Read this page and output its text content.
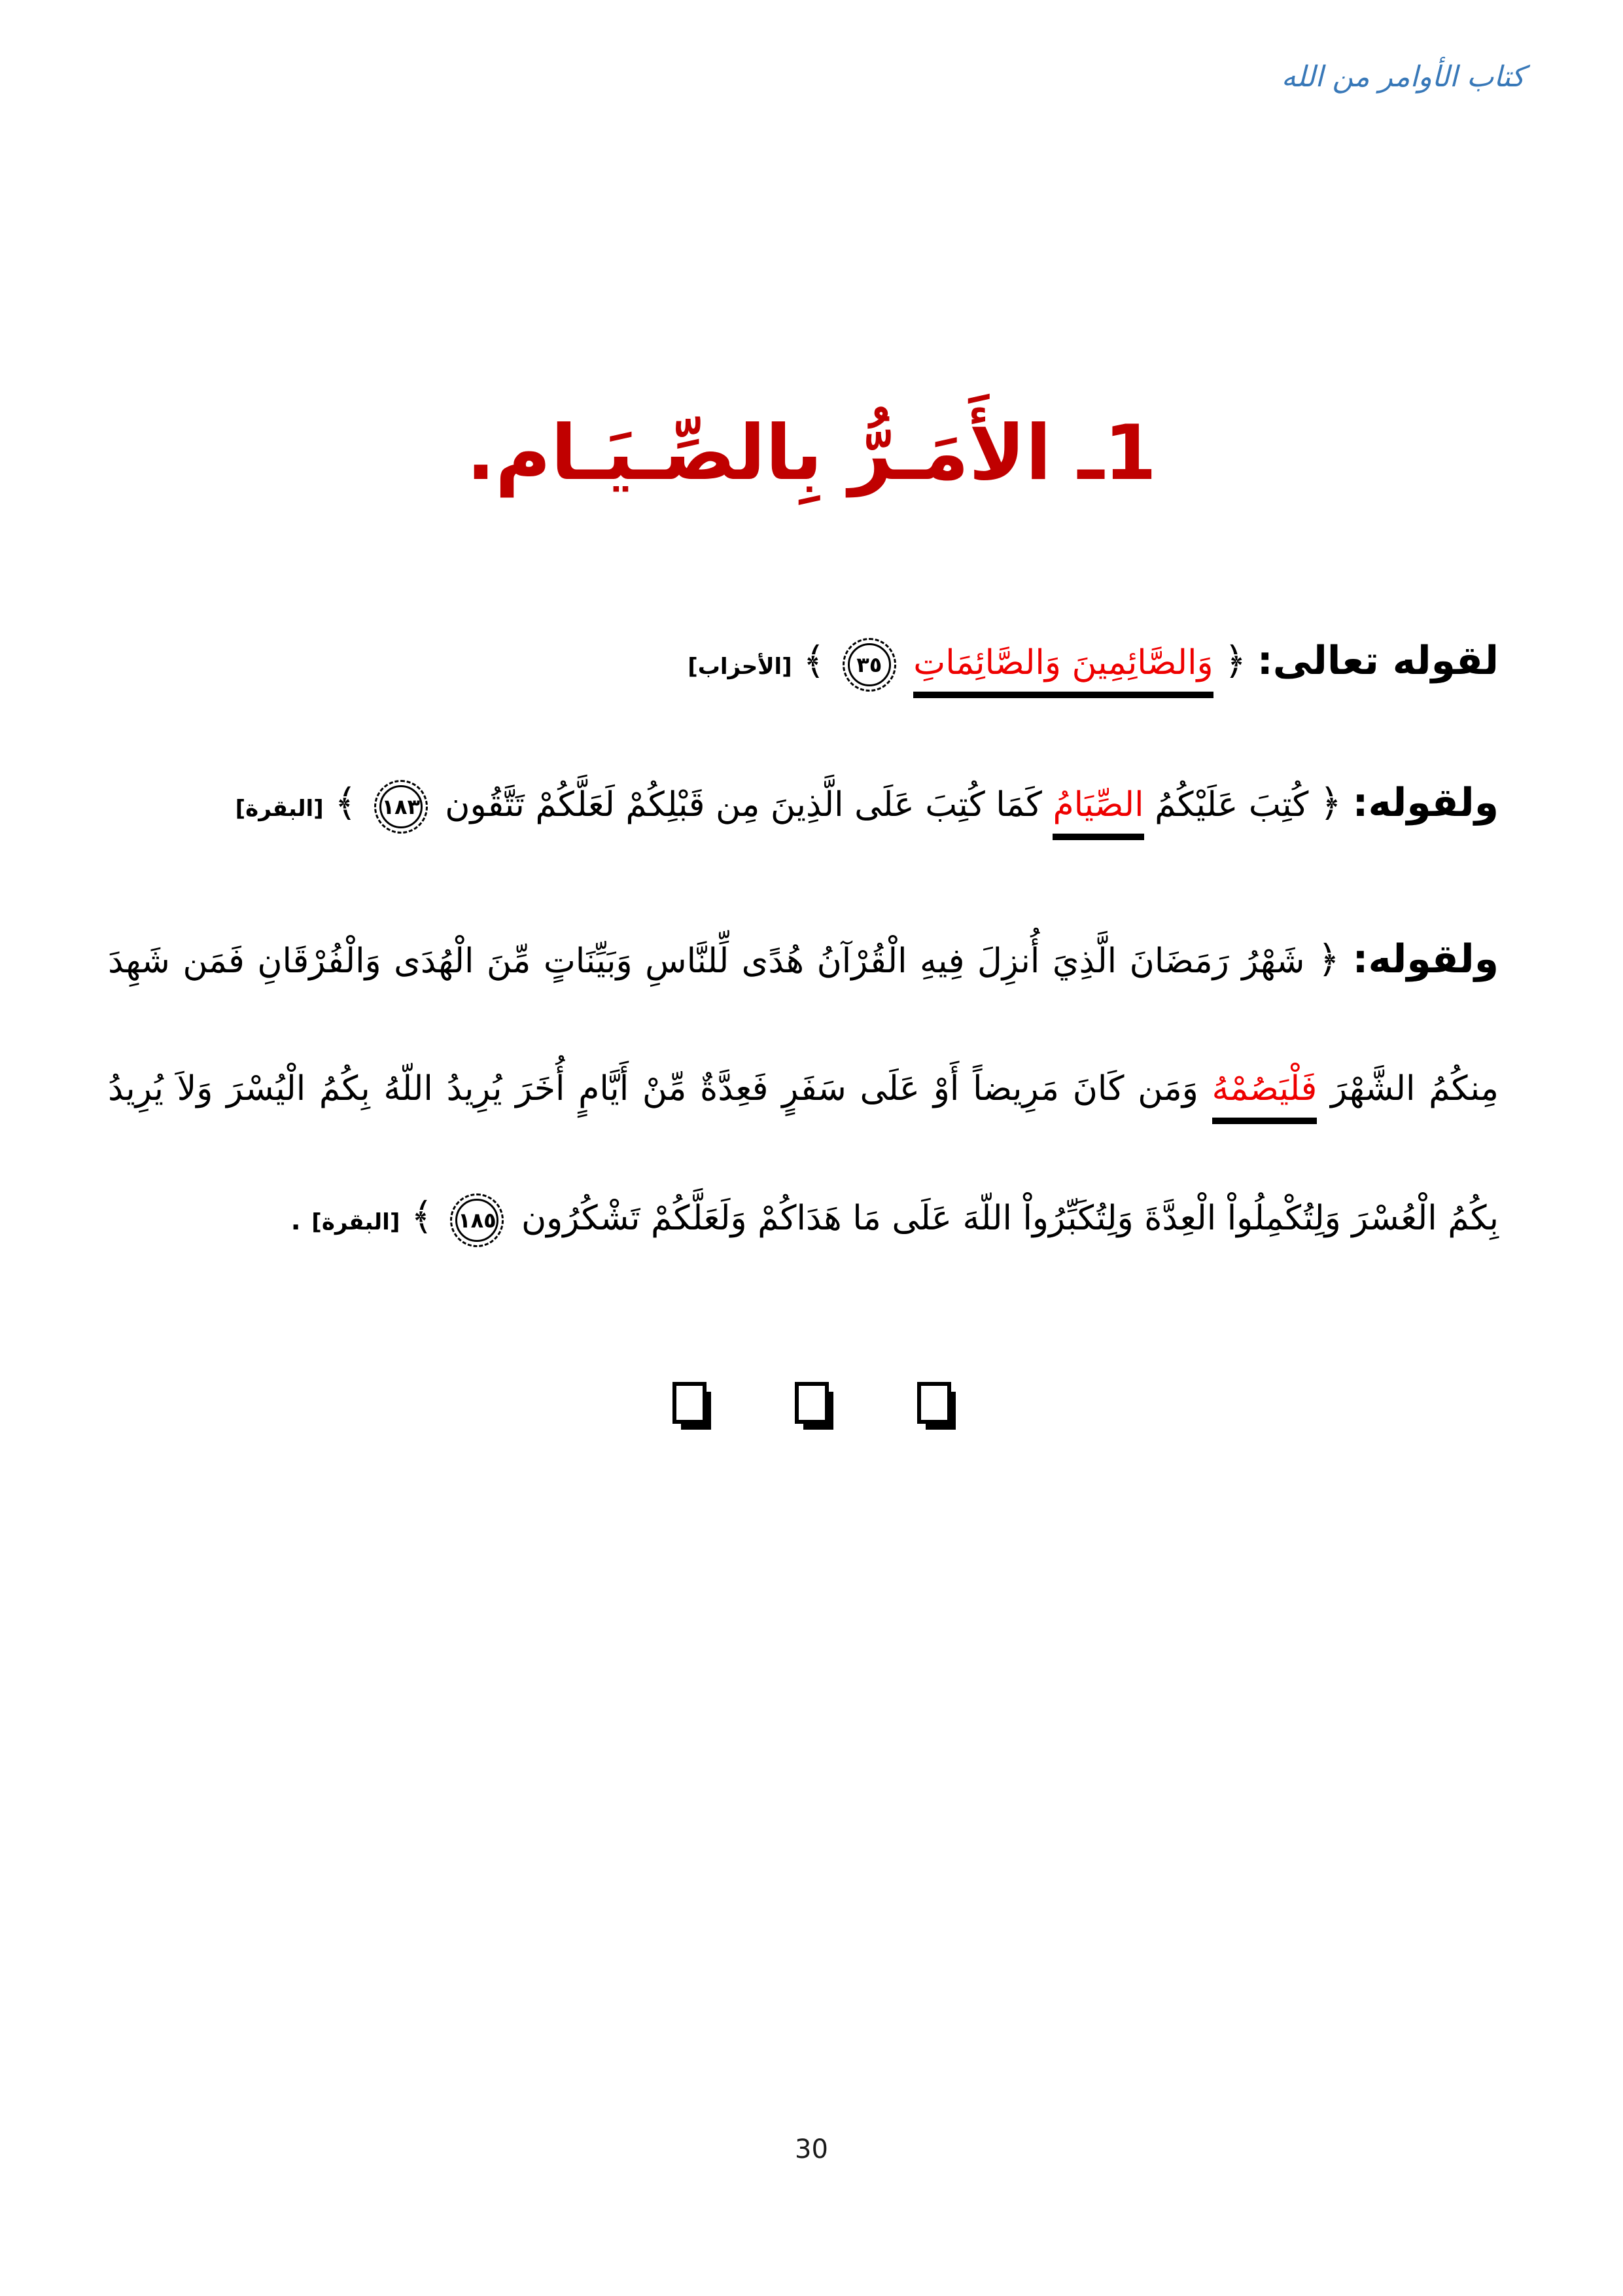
كتاب الأوامر من الله
1ـ الأَمَـرُّ بِالصِّـيَـام.

لقوله تعالى: ﴿ وَالصَّائِمِينَ وَالصَّائِمَاتِ
٣٥
﴾ [الأحزاب]

ولقوله: ﴿ كُتِبَ عَلَيْكُمُ الصِّيَامُ كَمَا كُتِبَ عَلَى الَّذِينَ مِن قَبْلِكُمْ لَعَلَّكُمْ تَتَّقُون
١٨٣
﴾ [البقرة]

ولقوله: ﴿ شَهْرُ رَمَضَانَ الَّذِيَ أُنزِلَ فِيهِ الْقُرْآنُ هُدًى لِّلنَّاسِ وَبَيِّنَاتٍ مِّنَ الْهُدَى وَالْفُرْقَانِ فَمَن شَهِدَ مِنكُمُ الشَّهْرَ فَلْيَصُمْهُ وَمَن كَانَ مَرِيضاً أَوْ عَلَى سَفَرٍ فَعِدَّةٌ مِّنْ أَيَّامٍ أُخَرَ يُرِيدُ اللّهُ بِكُمُ الْيُسْرَ وَلاَ يُرِيدُ بِكُمُ الْعُسْرَ وَلِتُكْمِلُواْ الْعِدَّةَ وَلِتُكَبِّرُواْ اللّهَ عَلَى مَا هَدَاكُمْ وَلَعَلَّكُمْ تَشْكُرُون
١٨٥
﴾ [البقرة] .

30
